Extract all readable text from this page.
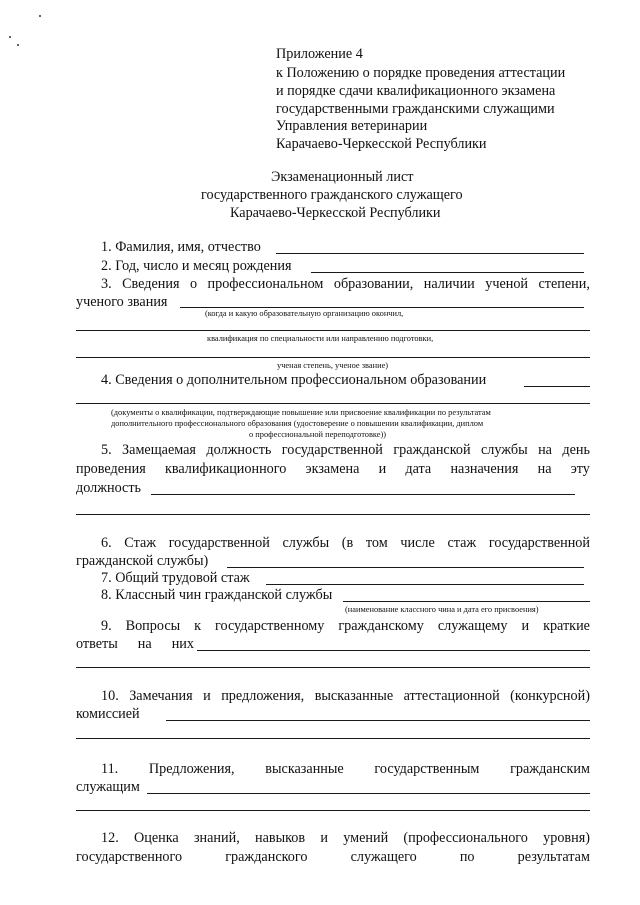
Приложение 4
к Положению о порядке проведения аттестации
и порядке сдачи квалификационного экзамена
государственными гражданскими служащими
Управления ветеринарии
Карачаево-Черкесской Республики
Экзаменационный лист
государственного гражданского служащего
Карачаево-Черкесской Республики
1. Фамилия, имя, отчество
2. Год, число и месяц рождения
3. Сведения о профессиональном образовании, наличии ученой степени,
ученого звания
(когда и какую образовательную организацию окончил,
квалификация по специальности или направлению подготовки,
ученая степень, ученое звание)
4. Сведения о дополнительном профессиональном образовании
(документы о квалификации, подтверждающие повышение или присвоение квалификации по результатам
дополнительного профессионального образования (удостоверение о повышении квалификации, диплом
о профессиональной переподготовке))
5. Замещаемая должность государственной гражданской службы на день
проведения квалификационного экзамена и дата назначения на эту
должность
6. Стаж государственной службы (в том числе стаж государственной
гражданской службы)
7. Общий трудовой стаж
8. Классный чин гражданской службы
(наименование классного чина и дата его присвоения)
9. Вопросы к государственному гражданскому служащему и краткие
ответы на них
10. Замечания и предложения, высказанные аттестационной (конкурсной)
комиссией
11. Предложения, высказанные государственным гражданским
служащим
12. Оценка знаний, навыков и умений (профессионального уровня)
государственного	гражданского	служащего	по	результатам
